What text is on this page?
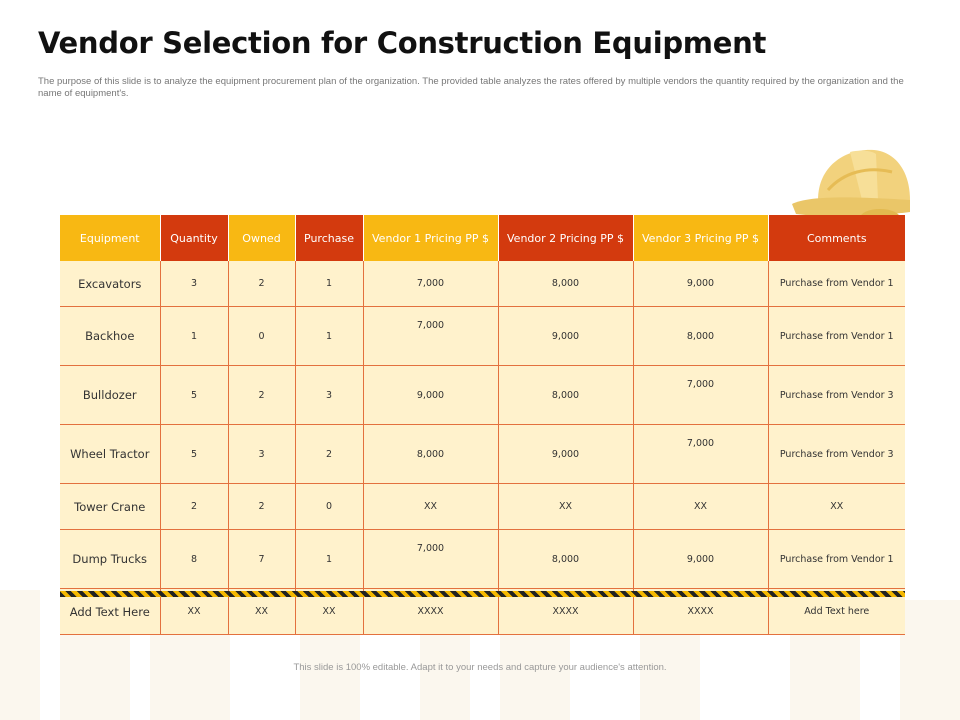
Vendor Selection for Construction Equipment
The purpose of this slide is to analyze the equipment procurement plan of the organization. The provided table analyzes the rates offered by multiple vendors the quantity required by the organization and the name of equipment's.
Equipment	Quantity	Owned	Purchase	Vendor 1 Pricing PP $	Vendor 2 Pricing PP $	Vendor 3 Pricing PP $	Comments
Excavators	3	2	1	7,000	8,000	9,000	Purchase from Vendor 1
Backhoe	1	0	1	7,000	9,000	8,000	Purchase from Vendor 1
Bulldozer	5	2	3	9,000	8,000	7,000	Purchase from Vendor 3
Wheel Tractor	5	3	2	8,000	9,000	7,000	Purchase from Vendor 3
Tower Crane	2	2	0	XX	XX	XX	XX
Dump Trucks	8	7	1	7,000	8,000	9,000	Purchase from Vendor 1
Add Text Here	XX	XX	XX	XXXX	XXXX	XXXX	Add Text here
This slide is 100% editable. Adapt it to your needs and capture your audience's attention.
